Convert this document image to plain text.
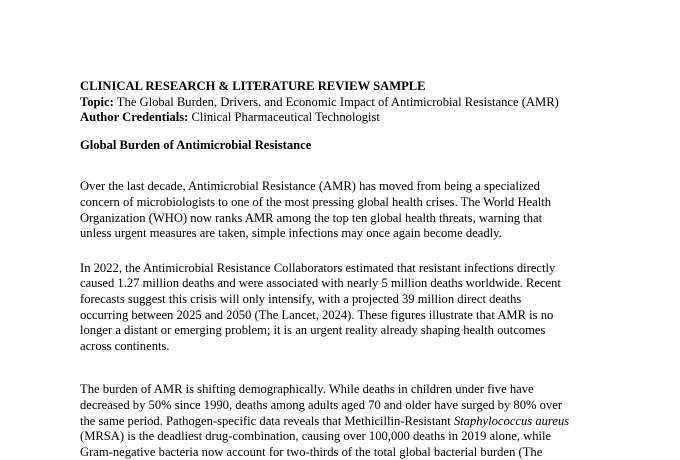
CLINICAL RESEARCH & LITERATURE REVIEW SAMPLE

Topic: The Global Burden, Drivers, and Economic Impact of Antimicrobial Resistance (AMR)

Author Credentials: Clinical Pharmaceutical Technologist

Global Burden of Antimicrobial Resistance

Over the last decade, Antimicrobial Resistance (AMR) has moved from being a specialized
concern of microbiologists to one of the most pressing global health crises. The World Health
Organization (WHO) now ranks AMR among the top ten global health threats, warning that
unless urgent measures are taken, simple infections may once again become deadly.

In 2022, the Antimicrobial Resistance Collaborators estimated that resistant infections directly
caused 1.27 million deaths and were associated with nearly 5 million deaths worldwide. Recent
forecasts suggest this crisis will only intensify, with a projected 39 million direct deaths
occurring between 2025 and 2050 (The Lancet, 2024). These figures illustrate that AMR is no
longer a distant or emerging problem; it is an urgent reality already shaping health outcomes
across continents.

The burden of AMR is shifting demographically. While deaths in children under five have
decreased by 50% since 1990, deaths among adults aged 70 and older have surged by 80% over
the same period. Pathogen-specific data reveals that Methicillin-Resistant Staphylococcus aureus
(MRSA) is the deadliest drug-combination, causing over 100,000 deaths in 2019 alone, while
Gram-negative bacteria now account for two-thirds of the total global bacterial burden (The
